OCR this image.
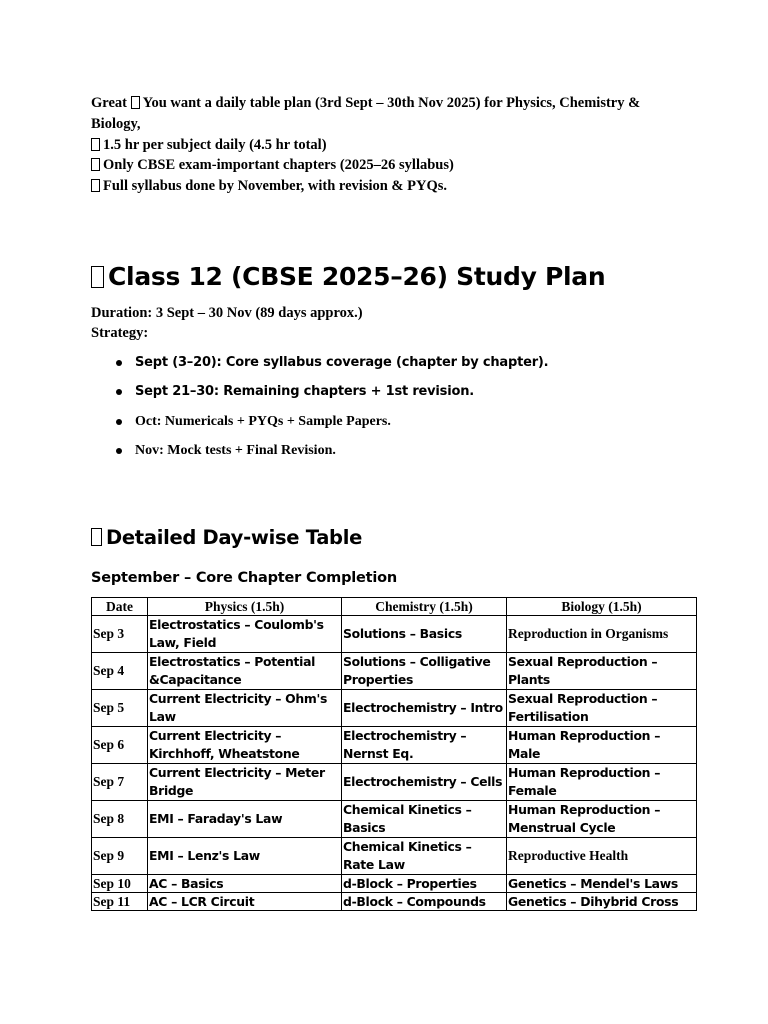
Great You want a daily table plan (3rd Sept – 30th Nov 2025) for Physics, Chemistry & Biology,
1.5 hr per subject daily (4.5 hr total)
Only CBSE exam-important chapters (2025–26 syllabus)
Full syllabus done by November, with revision & PYQs.
Class 12 (CBSE 2025–26) Study Plan
Duration: 3 Sept – 30 Nov (89 days approx.)
Strategy:
Sept (3–20): Core syllabus coverage (chapter by chapter).
Sept 21–30: Remaining chapters + 1st revision.
Oct: Numericals + PYQs + Sample Papers.
Nov: Mock tests + Final Revision.
Detailed Day-wise Table
September – Core Chapter Completion
Date	Physics (1.5h)	Chemistry (1.5h)	Biology (1.5h)
Sep 3	Electrostatics – Coulomb's Law, Field	Solutions – Basics	Reproduction in Organisms
Sep 4	Electrostatics – Potential &Capacitance	Solutions – Colligative Properties	Sexual Reproduction – Plants
Sep 5	Current Electricity – Ohm's Law	Electrochemistry – Intro	Sexual Reproduction – Fertilisation
Sep 6	Current Electricity – Kirchhoff, Wheatstone	Electrochemistry – Nernst Eq.	Human Reproduction – Male
Sep 7	Current Electricity – Meter Bridge	Electrochemistry – Cells	Human Reproduction – Female
Sep 8	EMI – Faraday's Law	Chemical Kinetics – Basics	Human Reproduction – Menstrual Cycle
Sep 9	EMI – Lenz's Law	Chemical Kinetics – Rate Law	Reproductive Health
Sep 10	AC – Basics	d-Block – Properties	Genetics – Mendel's Laws
Sep 11	AC – LCR Circuit	d-Block – Compounds	Genetics – Dihybrid Cross
